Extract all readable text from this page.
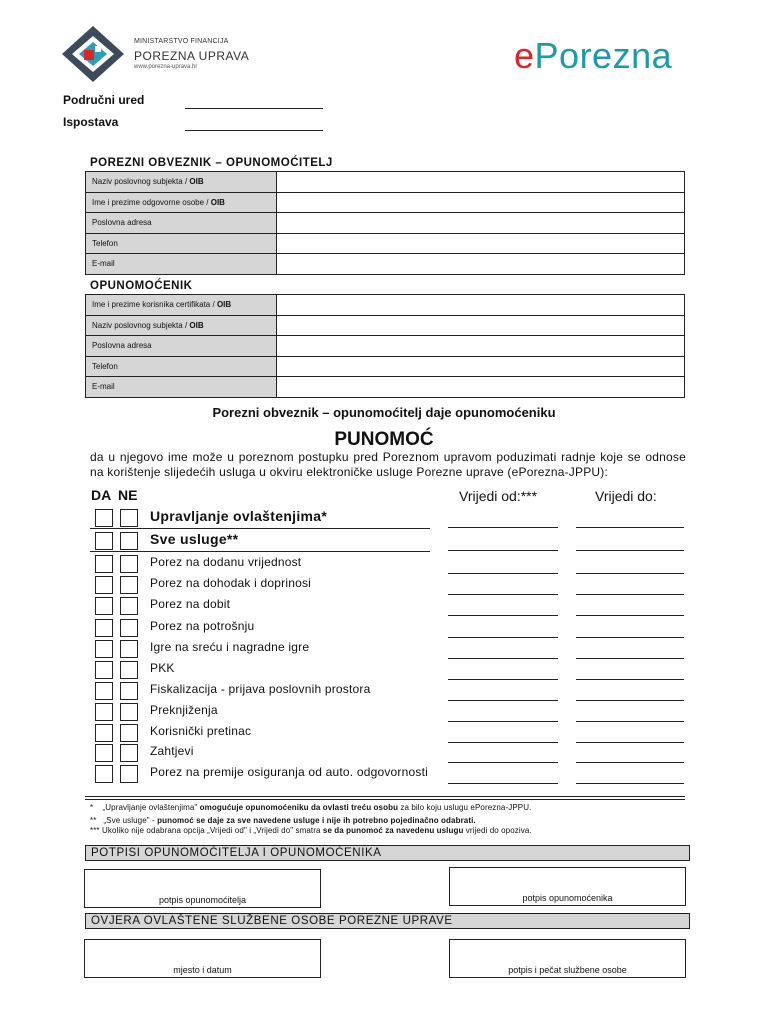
MINISTARSTVO FINANCIJA
POREZNA UPRAVA
www.porezna-uprava.hr	ePorezna
Područni ured
Ispostava
POREZNI OBVEZNIK – OPUNOMOĆITELJ
Naziv poslovnog subjekta / OIB	
Ime i prezime odgovorne osobe / OIB	
Poslovna adresa	
Telefon	
E-mail	
OPUNOMOĆENIK
Ime i prezime korisnika certifikata / OIB	
Naziv poslovnog subjekta / OIB	
Poslovna adresa	
Telefon	
E-mail	
Porezni obveznik – opunomoćitelj daje opunomoćeniku
PUNOMOĆ
da u njegovo ime može u poreznom postupku pred Poreznom upravom poduzimati radnje koje se odnose na korištenje slijedećih usluga u okviru elektroničke usluge Porezne uprave (ePorezna-JPPU):
DA NE	Vrijedi od:***	Vrijedi do:
Upravljanje ovlaštenjima*
Sve usluge**
Porez na dodanu vrijednost
Porez na dohodak i doprinosi
Porez na dobit
Porez na potrošnju
Igre na sreću i nagradne igre
PKK
Fiskalizacija - prijava poslovnih prostora
Preknjiženja
Korisnički pretinac
Zahtjevi
Porez na premije osiguranja od auto. odgovornosti
* „Upravljanje ovlaštenjima" omogućuje opunomoćeniku da ovlasti treću osobu za bilo koju uslugu ePorezna-JPPU.
** „Sve usluge" - punomoć se daje za sve navedene usluge i nije ih potrebno pojedinačno odabrati.
*** Ukoliko nije odabrana opcija „Vrijedi od" i „Vrijedi do" smatra se da punomoć za navedenu uslugu vrijedi do opoziva.
POTPISI OPUNOMOĆITELJA I OPUNOMOĆENIKA
potpis opunomoćitelja	potpis opunomoćenika
OVJERA OVLAŠTENE SLUŽBENE OSOBE POREZNE UPRAVE
mjesto i datum	potpis i pečat službene osobe
